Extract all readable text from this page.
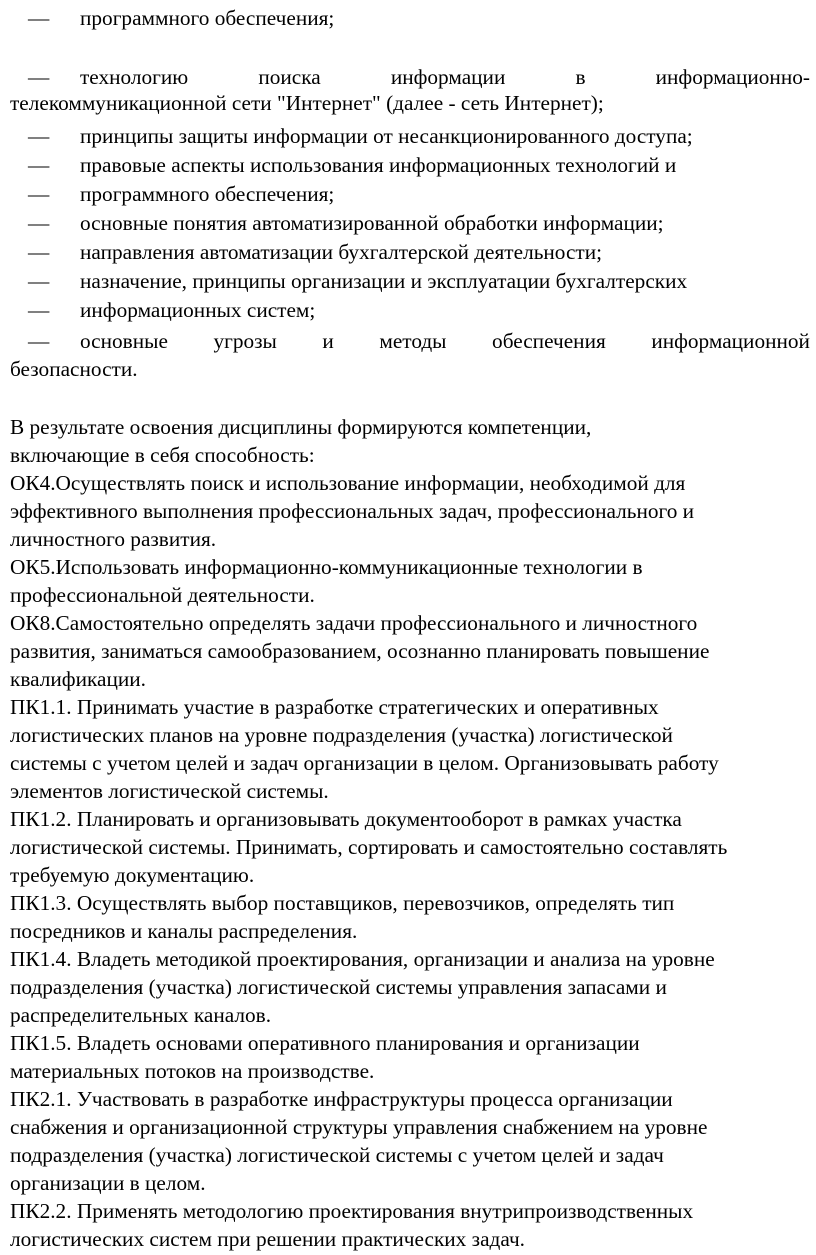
— программного обеспечения;
— технологию	поиска	информации	в	информационно-
телекоммуникационной сети "Интернет" (далее - сеть Интернет);
— принципы защиты информации от несанкционированного доступа;
— правовые аспекты использования информационных технологий и
— программного обеспечения;
— основные понятия автоматизированной обработки информации;
— направления автоматизации бухгалтерской деятельности;
— назначение, принципы организации и эксплуатации бухгалтерских
— информационных систем;
— основные угрозы и методы обеспечения информационной
безопасности.
В результате освоения дисциплины формируются компетенции,
включающие в себя способность:
ОК4.Осуществлять поиск и использование информации, необходимой для
эффективного выполнения профессиональных задач, профессионального и
личностного развития.
ОК5.Использовать информационно-коммуникационные технологии в
профессиональной деятельности.
ОК8.Самостоятельно определять задачи профессионального и личностного
развития, заниматься самообразованием, осознанно планировать повышение
квалификации.
ПК1.1. Принимать участие в разработке стратегических и оперативных
логистических планов на уровне подразделения (участка) логистической
системы с учетом целей и задач организации в целом. Организовывать работу
элементов логистической системы.
ПК1.2. Планировать и организовывать документооборот в рамках участка
логистической системы. Принимать, сортировать и самостоятельно составлять
требуемую документацию.
ПК1.3. Осуществлять выбор поставщиков, перевозчиков, определять тип
посредников и каналы распределения.
ПК1.4. Владеть методикой проектирования, организации и анализа на уровне
подразделения (участка) логистической системы управления запасами и
распределительных каналов.
ПК1.5. Владеть основами оперативного планирования и организации
материальных потоков на производстве.
ПК2.1. Участвовать в разработке инфраструктуры процесса организации
снабжения и организационной структуры управления снабжением на уровне
подразделения (участка) логистической системы с учетом целей и задач
организации в целом.
ПК2.2. Применять методологию проектирования внутрипроизводственных
логистических систем при решении практических задач.
